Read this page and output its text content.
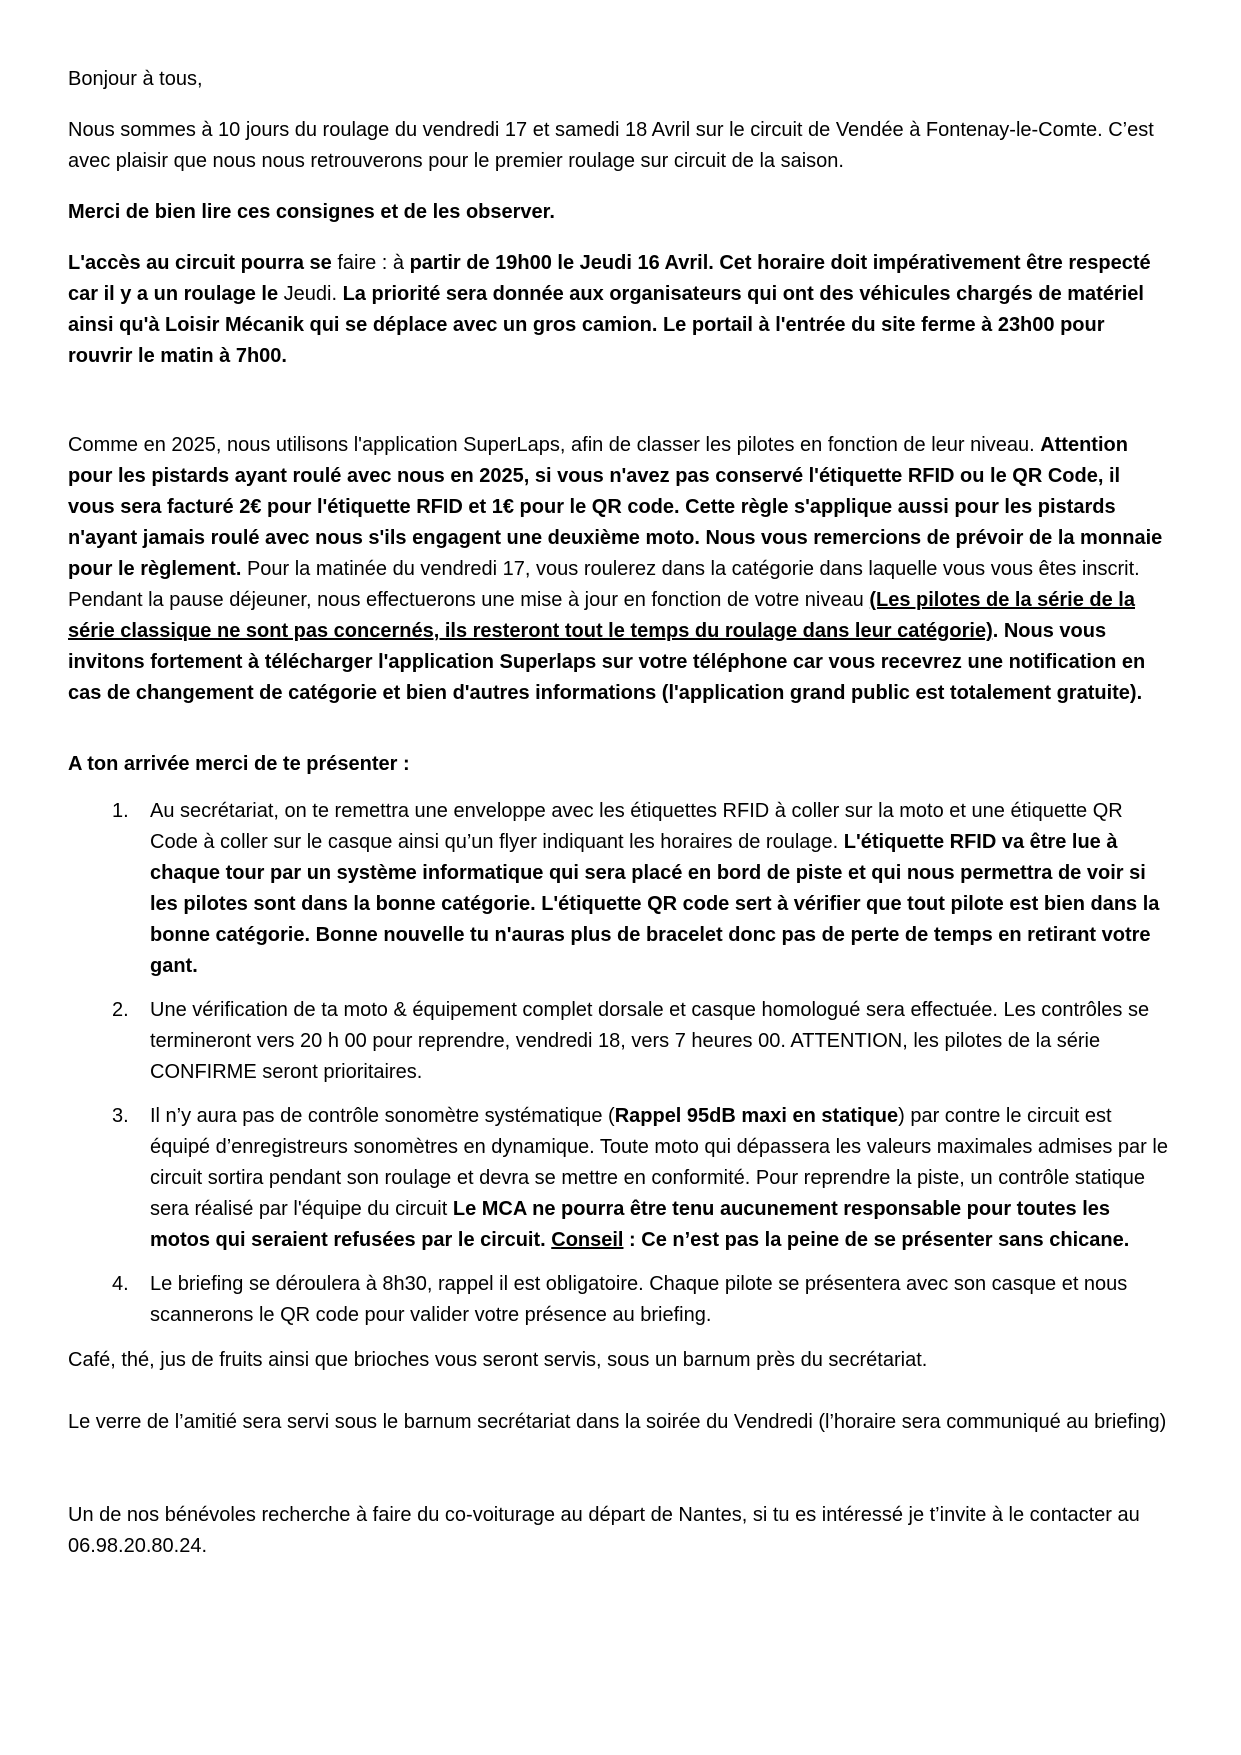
Bonjour à tous,

Nous sommes à 10 jours du roulage du vendredi 17 et samedi 18 Avril sur le circuit de Vendée à Fontenay-le-Comte. C’est avec plaisir que nous nous retrouverons pour le premier roulage sur circuit de la saison.

Merci de bien lire ces consignes et de les observer.

L'accès au circuit pourra se faire : à partir de 19h00 le Jeudi 16 Avril. Cet horaire doit impérativement être respecté car il y a un roulage le Jeudi. La priorité sera donnée aux organisateurs qui ont des véhicules chargés de matériel ainsi qu'à Loisir Mécanik qui se déplace avec un gros camion. Le portail à l'entrée du site ferme à 23h00 pour rouvrir le matin à 7h00.

Comme en 2025, nous utilisons l'application SuperLaps, afin de classer les pilotes en fonction de leur niveau. Attention pour les pistards ayant roulé avec nous en 2025, si vous n'avez pas conservé l'étiquette RFID ou le QR Code, il vous sera facturé 2€ pour l'étiquette RFID et 1€ pour le QR code. Cette règle s'applique aussi pour les pistards n'ayant jamais roulé avec nous s'ils engagent une deuxième moto. Nous vous remercions de prévoir de la monnaie pour le règlement. Pour la matinée du vendredi 17, vous roulerez dans la catégorie dans laquelle vous vous êtes inscrit. Pendant la pause déjeuner, nous effectuerons une mise à jour en fonction de votre niveau (Les pilotes de la série de la série classique ne sont pas concernés, ils resteront tout le temps du roulage dans leur catégorie). Nous vous invitons fortement à télécharger l'application Superlaps sur votre téléphone car vous recevrez une notification en cas de changement de catégorie et bien d'autres informations (l'application grand public est totalement gratuite).

A ton arrivée merci de te présenter :

1. Au secrétariat, on te remettra une enveloppe avec les étiquettes RFID à coller sur la moto et une étiquette QR Code à coller sur le casque ainsi qu’un flyer indiquant les horaires de roulage. L'étiquette RFID va être lue à chaque tour par un système informatique qui sera placé en bord de piste et qui nous permettra de voir si les pilotes sont dans la bonne catégorie. L'étiquette QR code sert à vérifier que tout pilote est bien dans la bonne catégorie. Bonne nouvelle tu n'auras plus de bracelet donc pas de perte de temps en retirant votre gant.
2. Une vérification de ta moto & équipement complet dorsale et casque homologué sera effectuée. Les contrôles se termineront vers 20 h 00 pour reprendre, vendredi 18, vers 7 heures 00. ATTENTION, les pilotes de la série CONFIRME seront prioritaires.
3. Il n’y aura pas de contrôle sonomètre systématique (Rappel 95dB maxi en statique) par contre le circuit est équipé d’enregistreurs sonomètres en dynamique. Toute moto qui dépassera les valeurs maximales admises par le circuit sortira pendant son roulage et devra se mettre en conformité. Pour reprendre la piste, un contrôle statique sera réalisé par l'équipe du circuit Le MCA ne pourra être tenu aucunement responsable pour toutes les motos qui seraient refusées par le circuit. Conseil : Ce n’est pas la peine de se présenter sans chicane.
4. Le briefing se déroulera à 8h30, rappel il est obligatoire. Chaque pilote se présentera avec son casque et nous scannerons le QR code pour valider votre présence au briefing.

Café, thé, jus de fruits ainsi que brioches vous seront servis, sous un barnum près du secrétariat.

Le verre de l’amitié sera servi sous le barnum secrétariat dans la soirée du Vendredi (l’horaire sera communiqué au briefing)

Un de nos bénévoles recherche à faire du co-voiturage au départ de Nantes, si tu es intéressé je t’invite à le contacter au 06.98.20.80.24.
